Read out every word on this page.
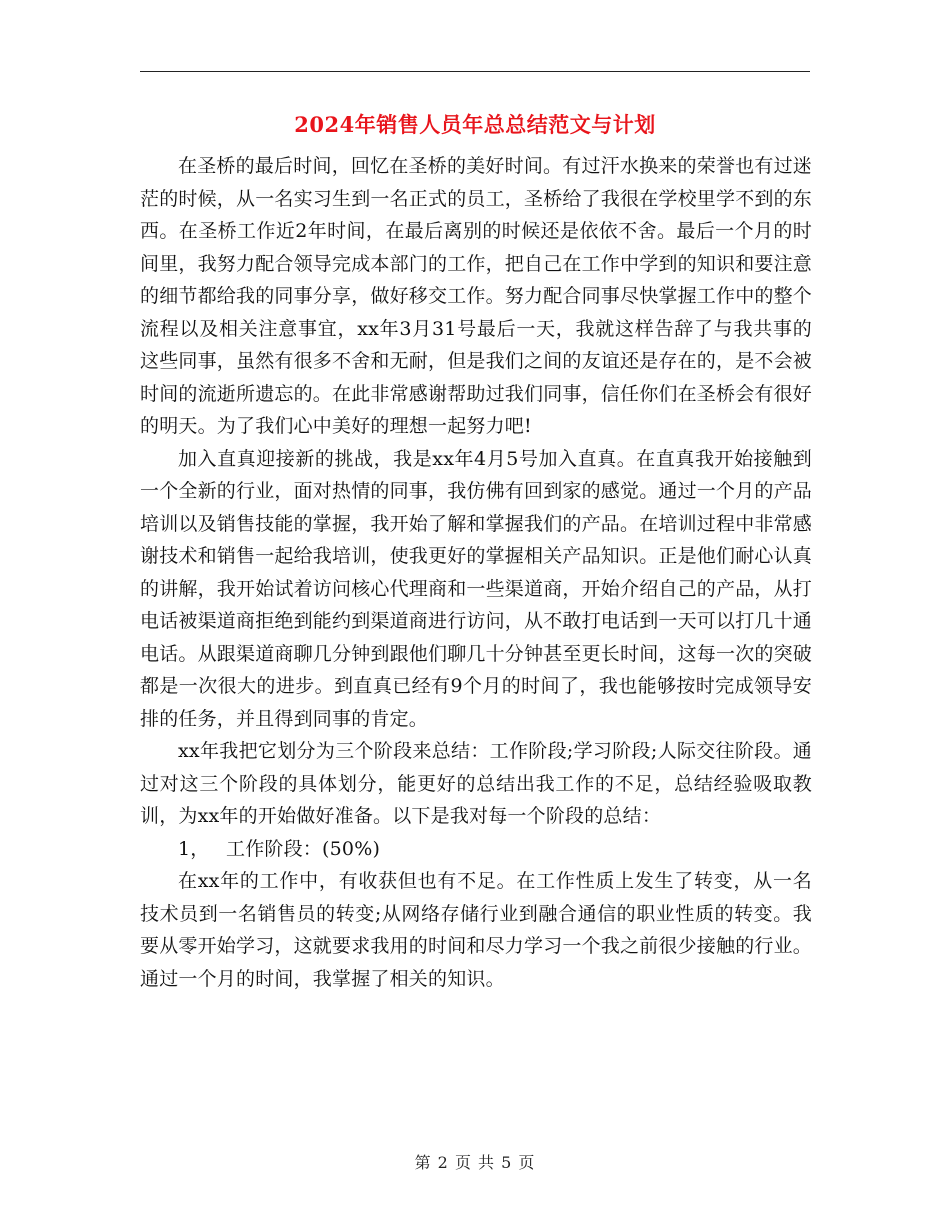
2024年销售人员年总总结范文与计划

在圣桥的最后时间，回忆在圣桥的美好时间。有过汗水换来的荣誉也有过迷茫的时候，从一名实习生到一名正式的员工，圣桥给了我很在学校里学不到的东西。在圣桥工作近2年时间，在最后离别的时候还是依依不舍。最后一个月的时间里，我努力配合领导完成本部门的工作，把自己在工作中学到的知识和要注意的细节都给我的同事分享，做好移交工作。努力配合同事尽快掌握工作中的整个流程以及相关注意事宜，xx年3月31号最后一天，我就这样告辞了与我共事的这些同事，虽然有很多不舍和无耐，但是我们之间的友谊还是存在的，是不会被时间的流逝所遗忘的。在此非常感谢帮助过我们同事，信任你们在圣桥会有很好的明天。为了我们心中美好的理想一起努力吧!

加入直真迎接新的挑战，我是xx年4月5号加入直真。在直真我开始接触到一个全新的行业，面对热情的同事，我仿佛有回到家的感觉。通过一个月的产品培训以及销售技能的掌握，我开始了解和掌握我们的产品。在培训过程中非常感谢技术和销售一起给我培训，使我更好的掌握相关产品知识。正是他们耐心认真的讲解，我开始试着访问核心代理商和一些渠道商，开始介绍自己的产品，从打电话被渠道商拒绝到能约到渠道商进行访问，从不敢打电话到一天可以打几十通电话。从跟渠道商聊几分钟到跟他们聊几十分钟甚至更长时间，这每一次的突破都是一次很大的进步。到直真已经有9个月的时间了，我也能够按时完成领导安排的任务，并且得到同事的肯定。

xx年我把它划分为三个阶段来总结：工作阶段;学习阶段;人际交往阶段。通过对这三个阶段的具体划分，能更好的总结出我工作的不足，总结经验吸取教训，为xx年的开始做好准备。以下是我对每一个阶段的总结：

1， 工作阶段：(50%)

在xx年的工作中，有收获但也有不足。在工作性质上发生了转变，从一名技术员到一名销售员的转变;从网络存储行业到融合通信的职业性质的转变。我要从零开始学习，这就要求我用的时间和尽力学习一个我之前很少接触的行业。通过一个月的时间，我掌握了相关的知识。

第 2 页 共 5 页
